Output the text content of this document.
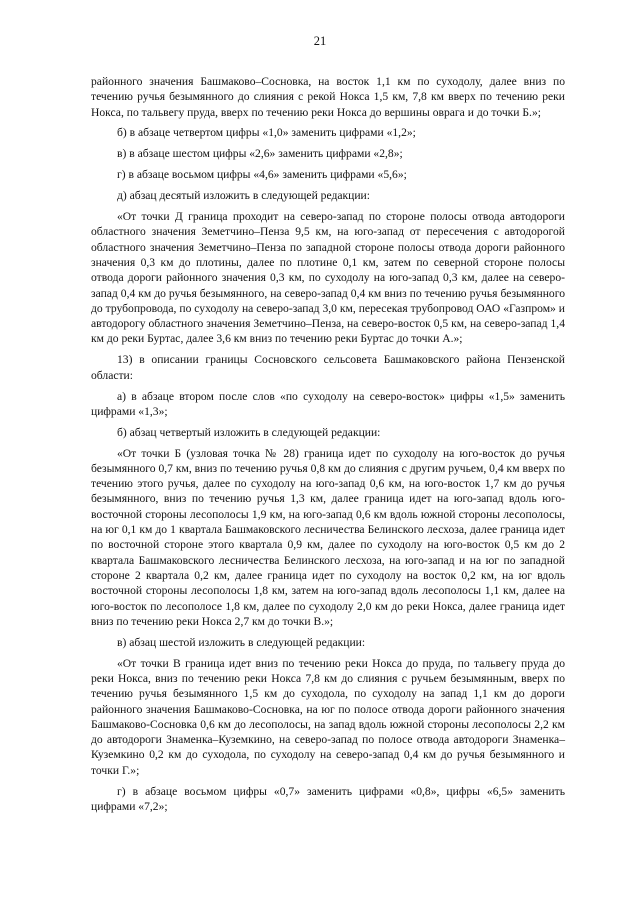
21

районного значения Башмаково–Сосновка, на восток 1,1 км по суходолу, далее вниз по течению ручья безымянного до слияния с рекой Нокса 1,5 км, 7,8 км вверх по течению реки Нокса, по тальвегу пруда, вверх по течению реки Нокса до вершины оврага и до точки Б.»;

б) в абзаце четвертом цифры «1,0» заменить цифрами «1,2»;

в) в абзаце шестом цифры «2,6» заменить цифрами «2,8»;

г) в абзаце восьмом цифры «4,6» заменить цифрами «5,6»;

д) абзац десятый изложить в следующей редакции:

«От точки Д граница проходит на северо-запад по стороне полосы отвода автодороги областного значения Земетчино–Пенза 9,5 км, на юго-запад от пересечения с автодорогой областного значения Земетчино–Пенза по западной стороне полосы отвода дороги районного значения 0,3 км до плотины, далее по плотине 0,1 км, затем по северной стороне полосы отвода дороги районного значения 0,3 км, по суходолу на юго-запад 0,3 км, далее на северо-запад 0,4 км до ручья безымянного, на северо-запад 0,4 км вниз по течению ручья безымянного до трубопровода, по суходолу на северо-запад 3,0 км, пересекая трубопровод ОАО «Газпром» и автодорогу областного значения Земетчино–Пенза, на северо-восток 0,5 км, на северо-запад 1,4 км до реки Буртас, далее 3,6 км вниз по течению реки Буртас до точки А.»;

13) в описании границы Сосновского сельсовета Башмаковского района Пензенской области:

а) в абзаце втором после слов «по суходолу на северо-восток» цифры «1,5» заменить цифрами «1,3»;

б) абзац четвертый изложить в следующей редакции:

«От точки Б (узловая точка № 28) граница идет по суходолу на юго-восток до ручья безымянного 0,7 км, вниз по течению ручья 0,8 км до слияния с другим ручьем, 0,4 км вверх по течению этого ручья, далее по суходолу на юго-запад 0,6 км, на юго-восток 1,7 км до ручья безымянного, вниз по течению ручья 1,3 км, далее граница идет на юго-запад вдоль юго-восточной стороны лесополосы 1,9 км, на юго-запад 0,6 км вдоль южной стороны лесополосы, на юг 0,1 км до 1 квартала Башмаковского лесничества Белинского лесхоза, далее граница идет по восточной стороне этого квартала 0,9 км, далее по суходолу на юго-восток 0,5 км до 2 квартала Башмаковского лесничества Белинского лесхоза, на юго-запад и на юг по западной стороне 2 квартала 0,2 км, далее граница идет по суходолу на восток 0,2 км, на юг вдоль восточной стороны лесополосы 1,8 км, затем на юго-запад вдоль лесополосы 1,1 км, далее на юго-восток по лесополосе 1,8 км, далее по суходолу 2,0 км до реки Нокса, далее граница идет вниз по течению реки Нокса 2,7 км до точки В.»;

в) абзац шестой изложить в следующей редакции:

«От точки В граница идет вниз по течению реки Нокса до пруда, по тальвегу пруда до реки Нокса, вниз по течению реки Нокса 7,8 км до слияния с ручьем безымянным, вверх по течению ручья безымянного 1,5 км до суходола, по суходолу на запад 1,1 км до дороги районного значения Башмаково-Сосновка, на юг по полосе отвода дороги районного значения Башмаково-Сосновка 0,6 км до лесополосы, на запад вдоль южной стороны лесополосы 2,2 км до автодороги Знаменка–Куземкино, на северо-запад по полосе отвода автодороги Знаменка–Куземкино 0,2 км до суходола, по суходолу на северо-запад 0,4 км до ручья безымянного и точки Г.»;

г) в абзаце восьмом цифры «0,7» заменить цифрами «0,8», цифры «6,5» заменить цифрами «7,2»;
